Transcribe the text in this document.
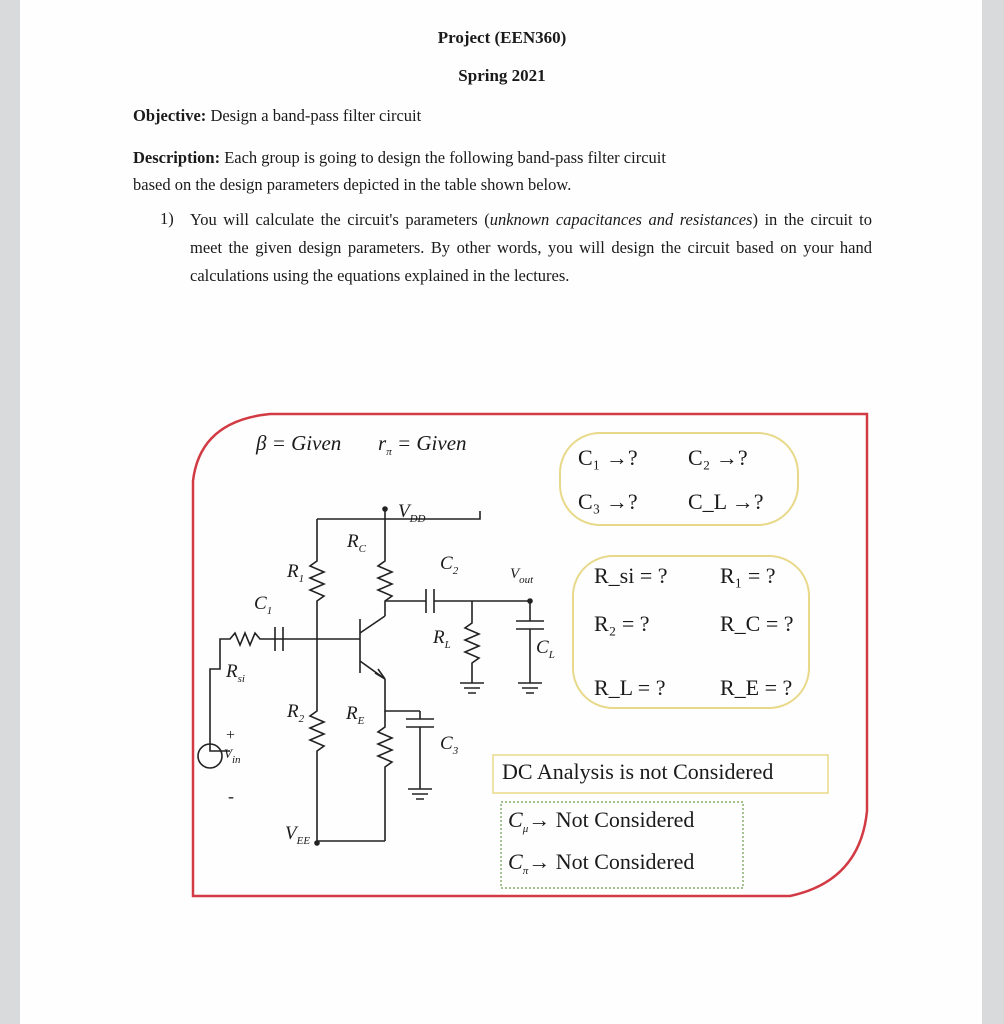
Project (EEN360)
Spring 2021
Objective: Design a band-pass filter circuit
Description: Each group is going to design the following band-pass filter circuit
based on the design parameters depicted in the table shown below.
1) You will calculate the circuit's parameters (unknown capacitances and resistances) in the circuit to meet the given design parameters. By other words, you will design the circuit based on your hand calculations using the equations explained in the lectures.
β = Given $r_\pi$ = Given
C₁ →? C₂ →?
C₃ →? C_L →?
R_si = ? R₁ = ?
R₂ = ?	R_C = ?
R_L = ? R_E = ?
DC Analysis is not Considered
$C_\mu\to$ Not Considered
$C_\pi\to$ Not Considered
$V_{DD}$
$R_C$
$R_1$
$C_2$	$V_{out}$
$C_1$
$R_L$	$C_L$
$R_{si}$
$R_2$ $R_E$
$C_3$
+
$V_{in}$
-
$V_{EE}$
